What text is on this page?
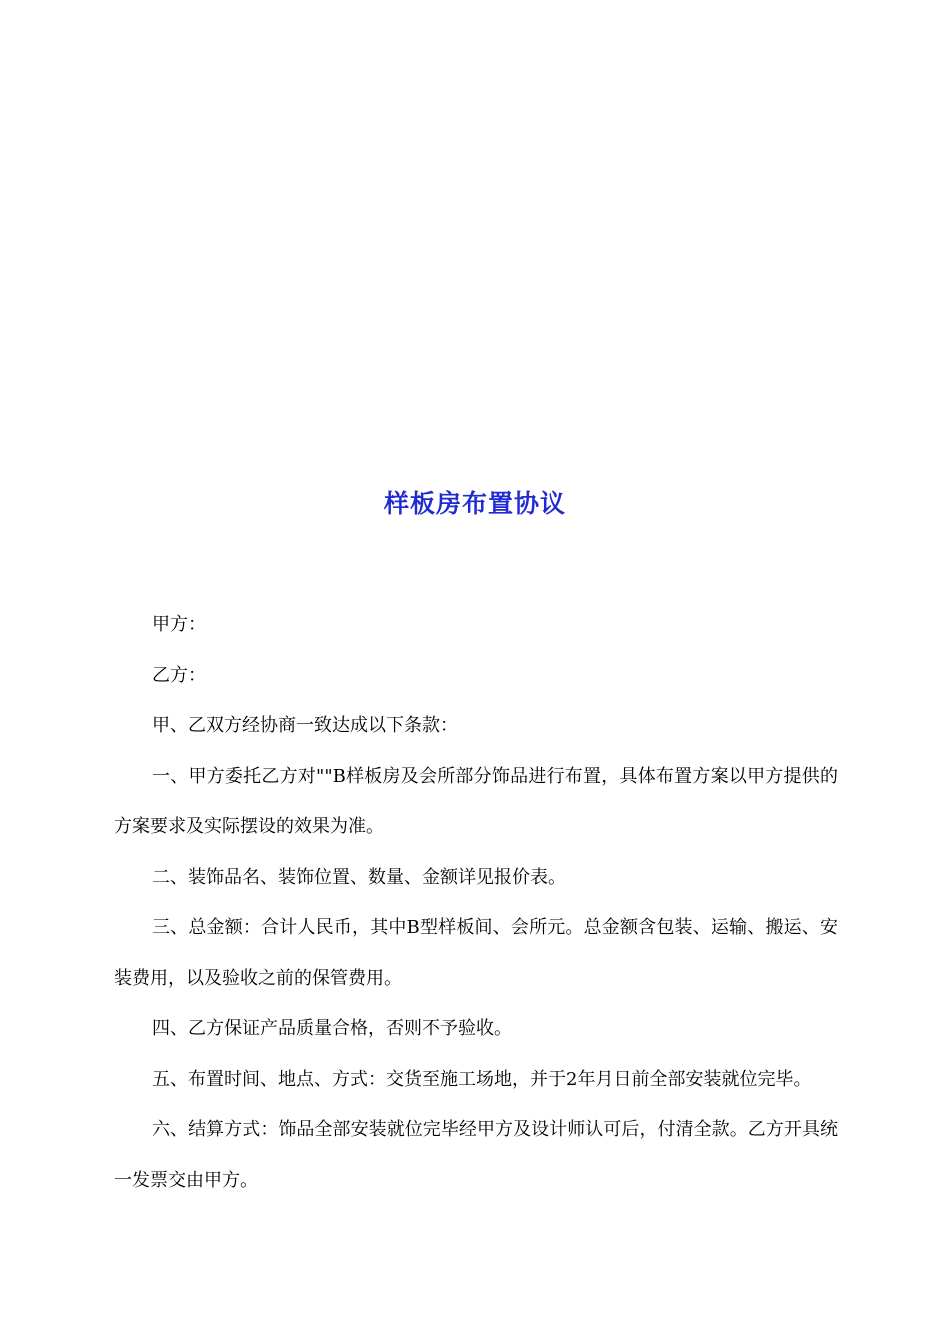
样板房布置协议

甲方：

乙方：

甲、乙双方经协商一致达成以下条款：

一、甲方委托乙方对""B样板房及会所部分饰品进行布置，具体布置方案以甲方提供的方案要求及实际摆设的效果为准。

二、装饰品名、装饰位置、数量、金额详见报价表。

三、总金额：合计人民币，其中B型样板间、会所元。总金额含包装、运输、搬运、安装费用，以及验收之前的保管费用。

四、乙方保证产品质量合格，否则不予验收。

五、布置时间、地点、方式：交货至施工场地，并于2年月日前全部安装就位完毕。

六、结算方式：饰品全部安装就位完毕经甲方及设计师认可后，付清全款。乙方开具统一发票交由甲方。
